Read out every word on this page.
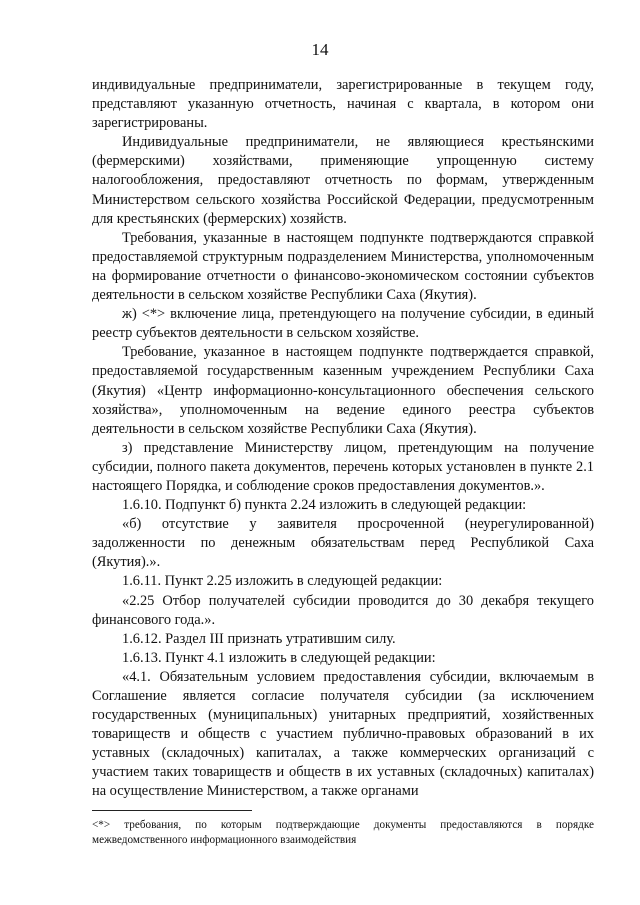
14

индивидуальные предприниматели, зарегистрированные в текущем году, представляют указанную отчетность, начиная с квартала, в котором они зарегистрированы.

Индивидуальные предприниматели, не являющиеся крестьянскими (фермерскими) хозяйствами, применяющие упрощенную систему налогообложения, предоставляют отчетность по формам, утвержденным Министерством сельского хозяйства Российской Федерации, предусмотренным для крестьянских (фермерских) хозяйств.

Требования, указанные в настоящем подпункте подтверждаются справкой предоставляемой структурным подразделением Министерства, уполномоченным на формирование отчетности о финансово-экономическом состоянии субъектов деятельности в сельском хозяйстве Республики Саха (Якутия).

ж) <*> включение лица, претендующего на получение субсидии, в единый реестр субъектов деятельности в сельском хозяйстве.

Требование, указанное в настоящем подпункте подтверждается справкой, предоставляемой государственным казенным учреждением Республики Саха (Якутия) «Центр информационно-консультационного обеспечения сельского хозяйства», уполномоченным на ведение единого реестра субъектов деятельности в сельском хозяйстве Республики Саха (Якутия).

з) представление Министерству лицом, претендующим на получение субсидии, полного пакета документов, перечень которых установлен в пункте 2.1 настоящего Порядка, и соблюдение сроков предоставления документов.».

1.6.10. Подпункт б) пункта 2.24 изложить в следующей редакции:

«б) отсутствие у заявителя просроченной (неурегулированной) задолженности по денежным обязательствам перед Республикой Саха (Якутия).».

1.6.11. Пункт 2.25 изложить в следующей редакции:

«2.25 Отбор получателей субсидии проводится до 30 декабря текущего финансового года.».

1.6.12. Раздел III признать утратившим силу.

1.6.13. Пункт 4.1 изложить в следующей редакции:

«4.1. Обязательным условием предоставления субсидии, включаемым в Соглашение является согласие получателя субсидии (за исключением государственных (муниципальных) унитарных предприятий, хозяйственных товариществ и обществ с участием публично-правовых образований в их уставных (складочных) капиталах, а также коммерческих организаций с участием таких товариществ и обществ в их уставных (складочных) капиталах) на осуществление Министерством, а также органами

<*> требования, по которым подтверждающие документы предоставляются в порядке межведомственного информационного взаимодействия
